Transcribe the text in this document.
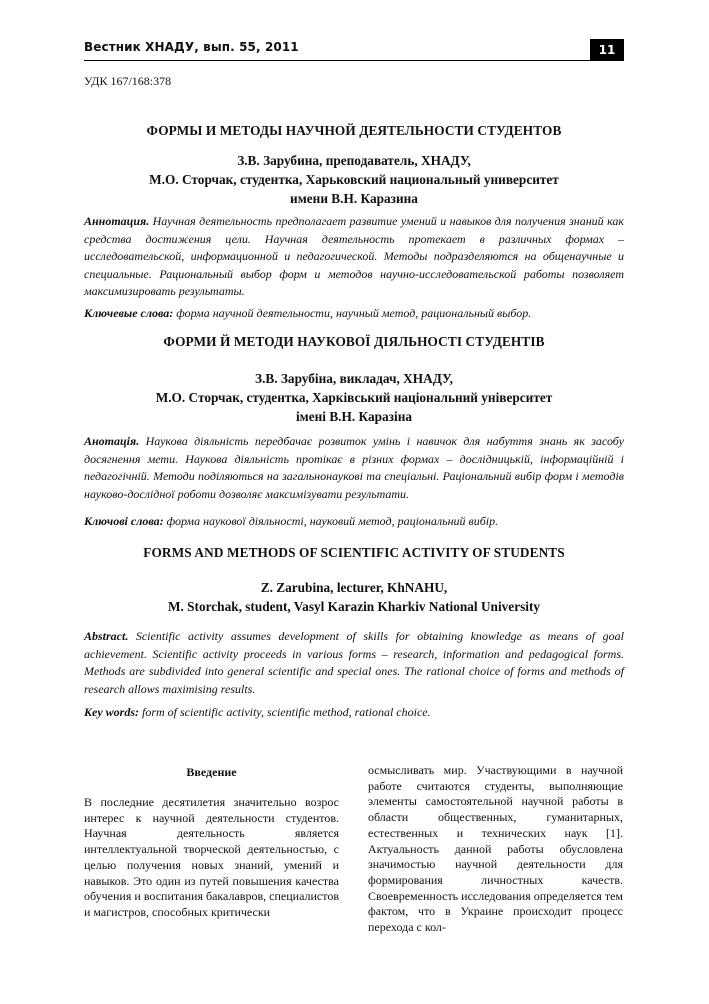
Вестник ХНАДУ, вып. 55, 2011	11
УДК 167/168:378
ФОРМЫ И МЕТОДЫ НАУЧНОЙ ДЕЯТЕЛЬНОСТИ СТУДЕНТОВ
З.В. Зарубина, преподаватель, ХНАДУ,
М.О. Сторчак, студентка, Харьковский национальный университет
имени В.Н. Каразина
Аннотация. Научная деятельность предполагает развитие умений и навыков для получения знаний как средства достижения цели. Научная деятельность протекает в различных формах – исследовательской, информационной и педагогической. Методы подразделяются на общенаучные и специальные. Рациональный выбор форм и методов научно-исследовательской работы позволяет максимизировать результаты.
Ключевые слова: форма научной деятельности, научный метод, рациональный выбор.
ФОРМИ Й МЕТОДИ НАУКОВОЇ ДІЯЛЬНОСТІ СТУДЕНТІВ
З.В. Зарубіна, викладач, ХНАДУ,
М.О. Сторчак, студентка, Харківський національний університет
імені В.Н. Каразіна
Анотація. Наукова діяльність передбачає розвиток умінь і навичок для набуття знань як засобу досягнення мети. Наукова діяльність протікає в різних формах – дослідницькій, інформаційній і педагогічній. Методи поділяються на загальнонаукові та спеціальні. Раціональний вибір форм і методів науково-дослідної роботи дозволяє максимізувати результати.
Ключові слова: форма наукової діяльності, науковий метод, раціональний вибір.
FORMS AND METHODS OF SCIENTIFIC ACTIVITY OF STUDENTS
Z. Zarubina, lecturer, KhNAHU,
M. Storchak, student, Vasyl Karazin Kharkiv National University
Abstract. Scientific activity assumes development of skills for obtaining knowledge as means of goal achievement. Scientific activity proceeds in various forms – research, information and pedagogical forms. Methods are subdivided into general scientific and special ones. The rational choice of forms and methods of research allows maximising results.
Key words: form of scientific activity, scientific method, rational choice.
Введение

В последние десятилетия значительно возрос интерес к научной деятельности студентов. Научная деятельность является интеллектуальной творческой деятельностью, с целью получения новых знаний, умений и навыков. Это один из путей повышения качества обучения и воспитания бакалавров, специалистов и магистров, способных критически

осмысливать мир. Участвующими в научной работе считаются студенты, выполняющие элементы самостоятельной научной работы в области общественных, гуманитарных, естественных и технических наук [1]. Актуальность данной работы обусловлена значимостью научной деятельности для формирования личностных качеств. Своевременность исследования определяется тем фактом, что в Украине происходит процесс перехода с кол-
